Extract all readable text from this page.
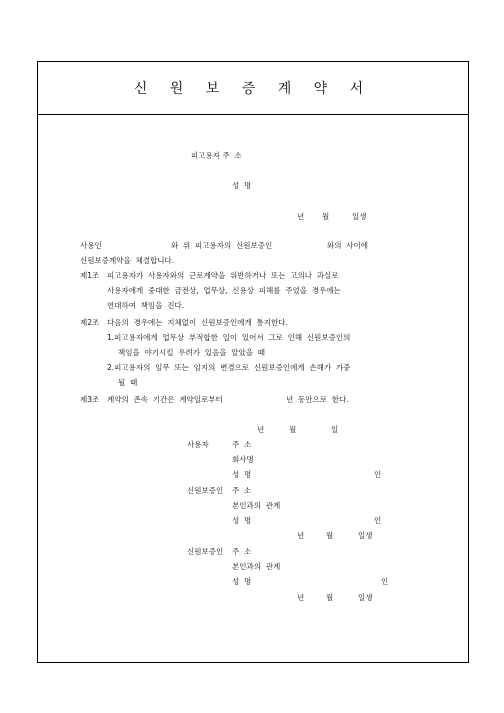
신 원 보 증 계 약 서
피고용자 주  소
성  명
년 월	일생
사용인	와  위  피고용자의  신원보증인	와의  사이에
신원보증계약을  체결합니다.
제1조 피고용자가  사용자와의  근로계약을  위반하거나  또는  고의나  과실로
사용자에게  중대한  금전상,  업무상,  신용상  피해를  주었을  경우에는
연대하여  책임을  진다.
제2조 다음의  경우에는  지체없이  신원보증인에게  통지한다.
1.피고용자에게  업무상  부적합한  일이  있어서  그로  인해  신원보증인의
책임을  야기시킬  우려가  있음을  알았을  때
2.피고용자의  임무  또는  임지의  변경으로  신원보증인에게  손해가  가중
될  때
제3조 계약의  존속  기간은  계약일로부터	년  동안으로  한다.
년	월	일
사용자	주  소
회사명
성  명	인
신원보증인 주  소
본인과의  관계
성  명	인
년	월	일생
신원보증인 주  소
본인과의  관계
성  명	인
년	월	일생
